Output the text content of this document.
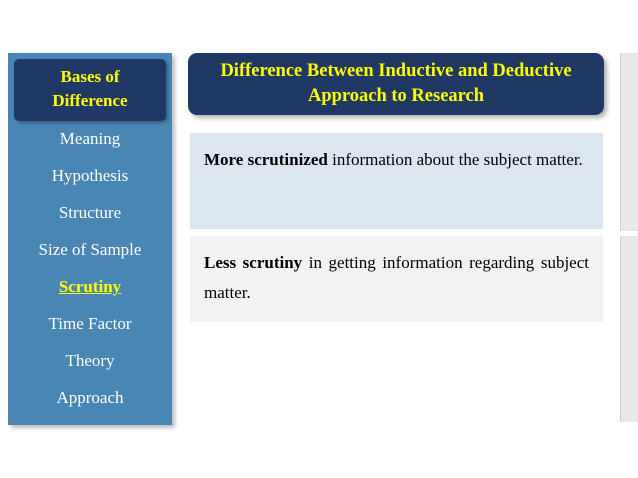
Bases of
Difference
Meaning
Hypothesis
Structure
Size of Sample
Scrutiny
Time Factor
Theory
Approach
Difference Between Inductive and Deductive Approach to Research
More scrutinized information about the subject matter.
Less scrutiny in getting information regarding subject matter.
